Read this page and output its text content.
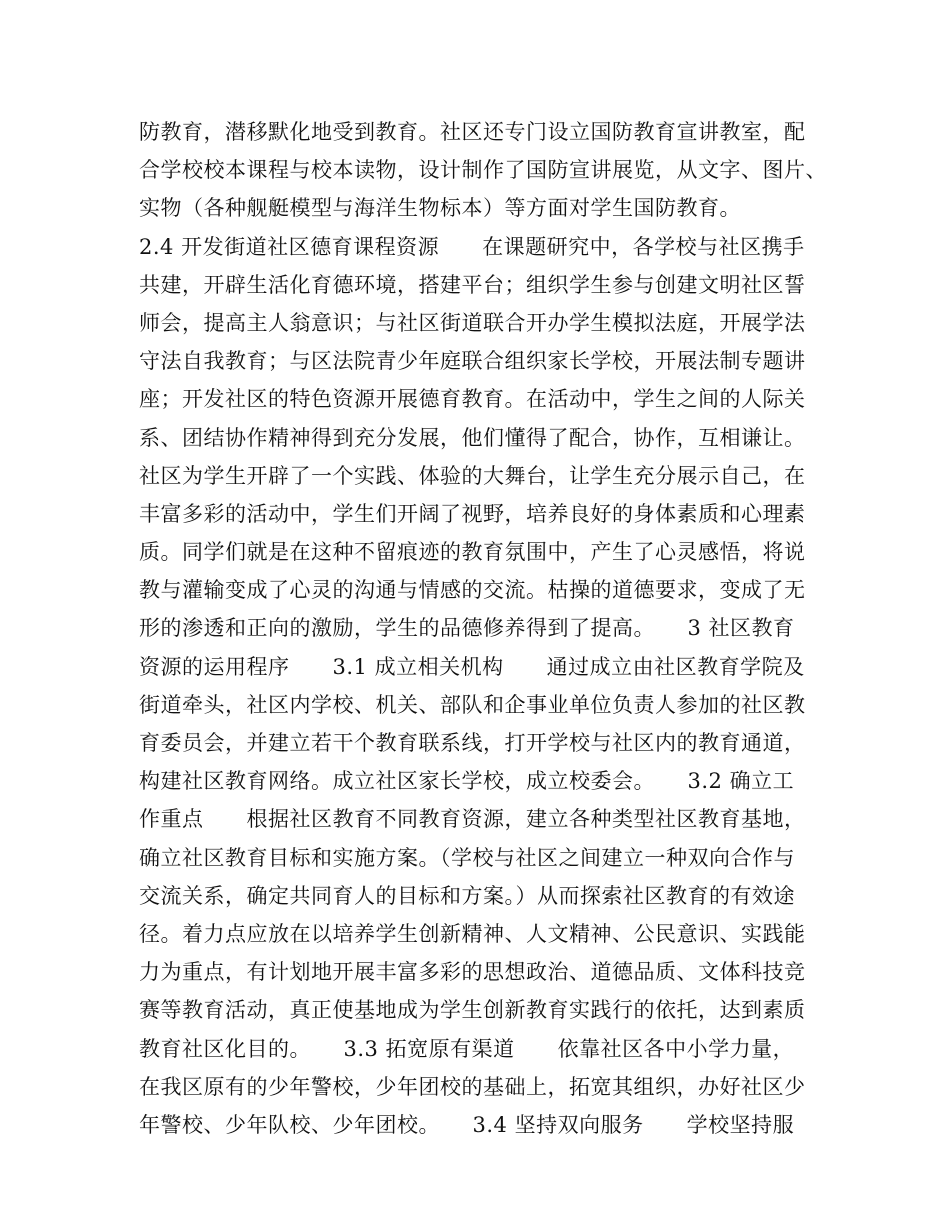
防教育，潜移默化地受到教育。社区还专门设立国防教育宣讲教室，配
合学校校本课程与校本读物，设计制作了国防宣讲展览，从文字、图片、
实物（各种舰艇模型与海洋生物标本）等方面对学生国防教育。
2.4 开发街道社区德育课程资源　　在课题研究中，各学校与社区携手
共建，开辟生活化育德环境，搭建平台；组织学生参与创建文明社区誓
师会，提高主人翁意识；与社区街道联合开办学生模拟法庭，开展学法
守法自我教育；与区法院青少年庭联合组织家长学校，开展法制专题讲
座；开发社区的特色资源开展德育教育。在活动中，学生之间的人际关
系、团结协作精神得到充分发展，他们懂得了配合，协作，互相谦让。
社区为学生开辟了一个实践、体验的大舞台，让学生充分展示自己，在
丰富多彩的活动中，学生们开阔了视野，培养良好的身体素质和心理素
质。同学们就是在这种不留痕迹的教育氛围中，产生了心灵感悟，将说
教与灌输变成了心灵的沟通与情感的交流。枯操的道德要求，变成了无
形的渗透和正向的激励，学生的品德修养得到了提高。　　3 社区教育
资源的运用程序　　3.1 成立相关机构　　通过成立由社区教育学院及
街道牵头，社区内学校、机关、部队和企事业单位负责人参加的社区教
育委员会，并建立若干个教育联系线，打开学校与社区内的教育通道，
构建社区教育网络。成立社区家长学校，成立校委会。　　3.2 确立工
作重点　　根据社区教育不同教育资源，建立各种类型社区教育基地，
确立社区教育目标和实施方案。（学校与社区之间建立一种双向合作与
交流关系，确定共同育人的目标和方案。）从而探索社区教育的有效途
径。着力点应放在以培养学生创新精神、人文精神、公民意识、实践能
力为重点，有计划地开展丰富多彩的思想政治、道德品质、文体科技竞
赛等教育活动，真正使基地成为学生创新教育实践行的依托，达到素质
教育社区化目的。　　3.3 拓宽原有渠道　　依靠社区各中小学力量，
在我区原有的少年警校，少年团校的基础上，拓宽其组织，办好社区少
年警校、少年队校、少年团校。　　3.4 坚持双向服务　　学校坚持服
